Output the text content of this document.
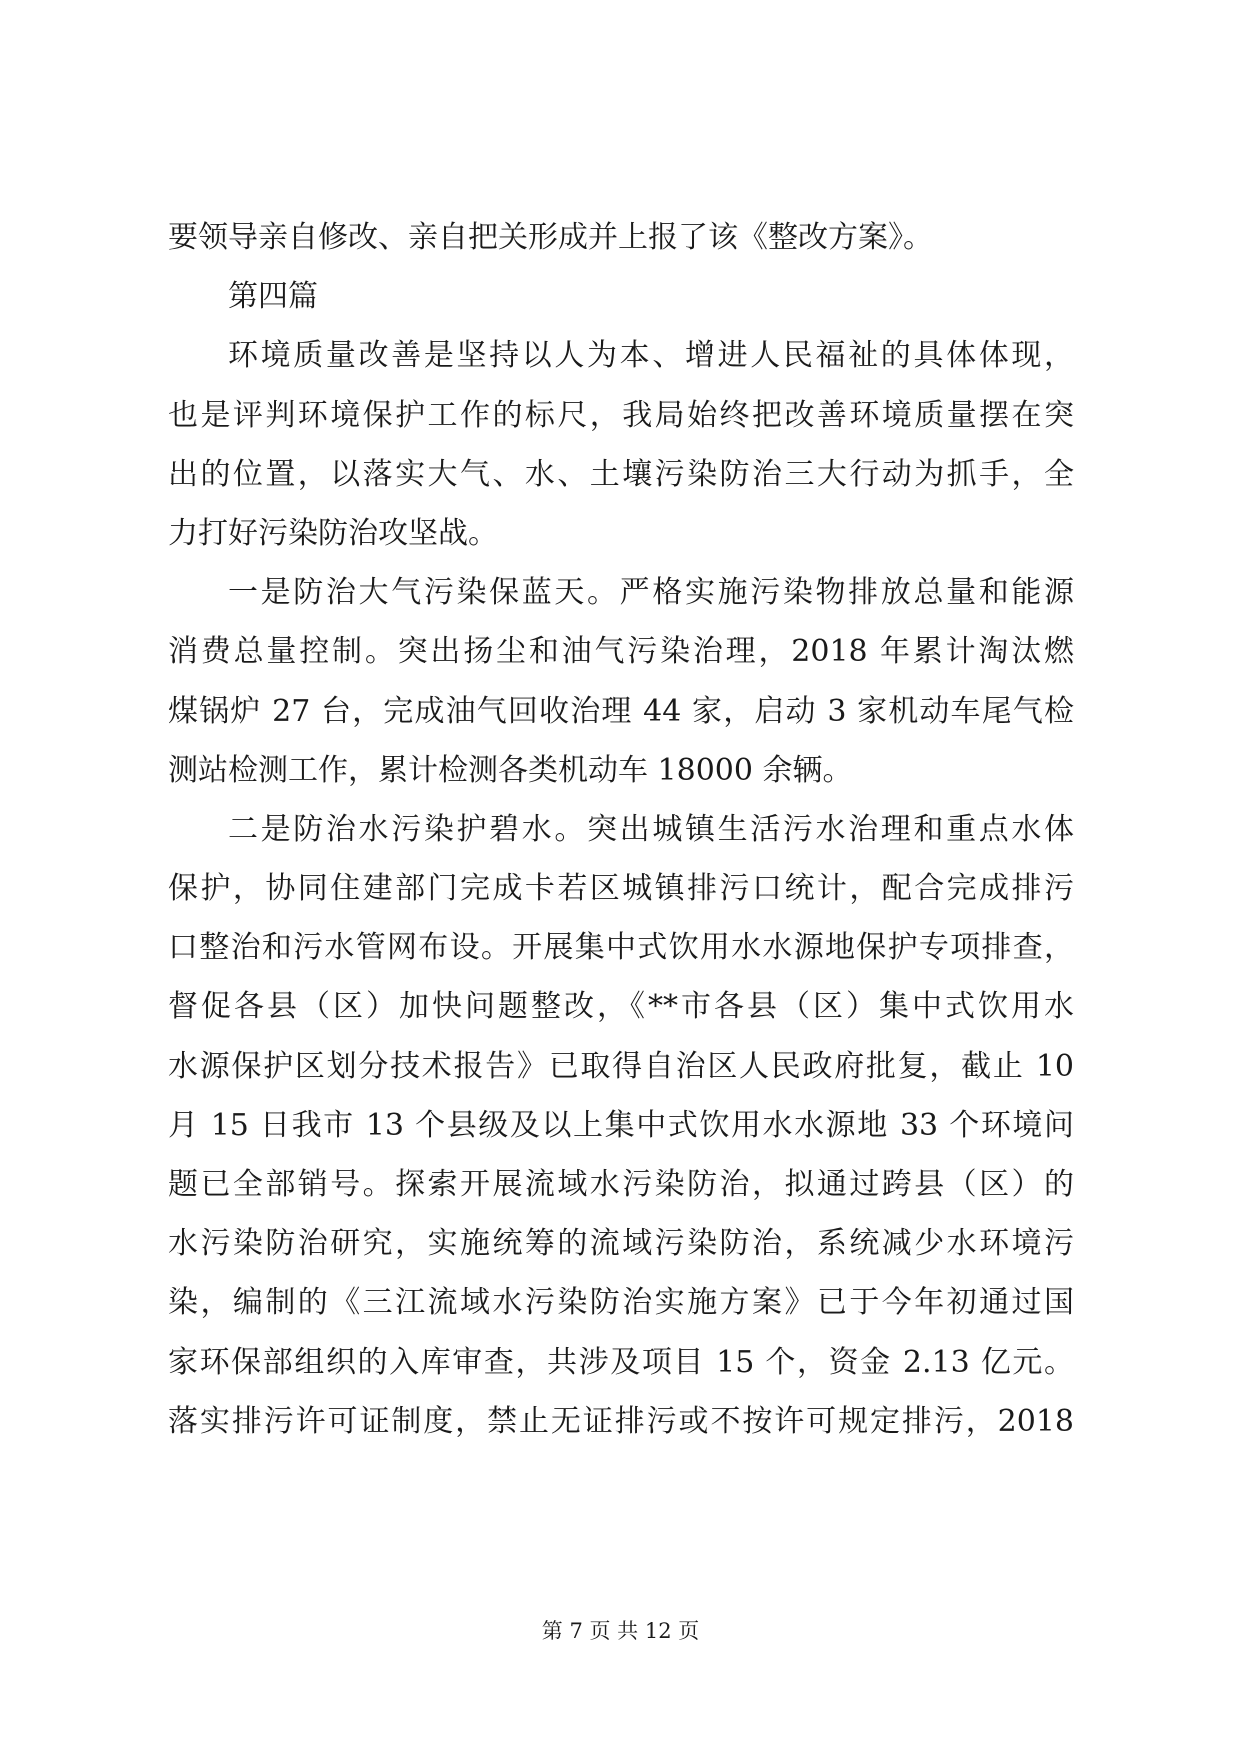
要领导亲自修改、亲自把关形成并上报了该《整改方案》。
第四篇
环境质量改善是坚持以人为本、增进人民福祉的具体体现，
也是评判环境保护工作的标尺，我局始终把改善环境质量摆在突
出的位置，以落实大气、水、土壤污染防治三大行动为抓手，全
力打好污染防治攻坚战。
一是防治大气污染保蓝天。严格实施污染物排放总量和能源
消费总量控制。突出扬尘和油气污染治理，2018 年累计淘汰燃
煤锅炉 27 台，完成油气回收治理 44 家，启动 3 家机动车尾气检
测站检测工作，累计检测各类机动车 18000 余辆。
二是防治水污染护碧水。突出城镇生活污水治理和重点水体
保护，协同住建部门完成卡若区城镇排污口统计，配合完成排污
口整治和污水管网布设。开展集中式饮用水水源地保护专项排查，
督促各县（区）加快问题整改，《**市各县（区）集中式饮用水
水源保护区划分技术报告》已取得自治区人民政府批复，截止 10
月 15 日我市 13 个县级及以上集中式饮用水水源地 33 个环境问
题已全部销号。探索开展流域水污染防治，拟通过跨县（区）的
水污染防治研究，实施统筹的流域污染防治，系统减少水环境污
染，编制的《三江流域水污染防治实施方案》已于今年初通过国
家环保部组织的入库审查，共涉及项目 15 个，资金 2.13 亿元。
落实排污许可证制度，禁止无证排污或不按许可规定排污，2018
第 7 页 共 12 页
